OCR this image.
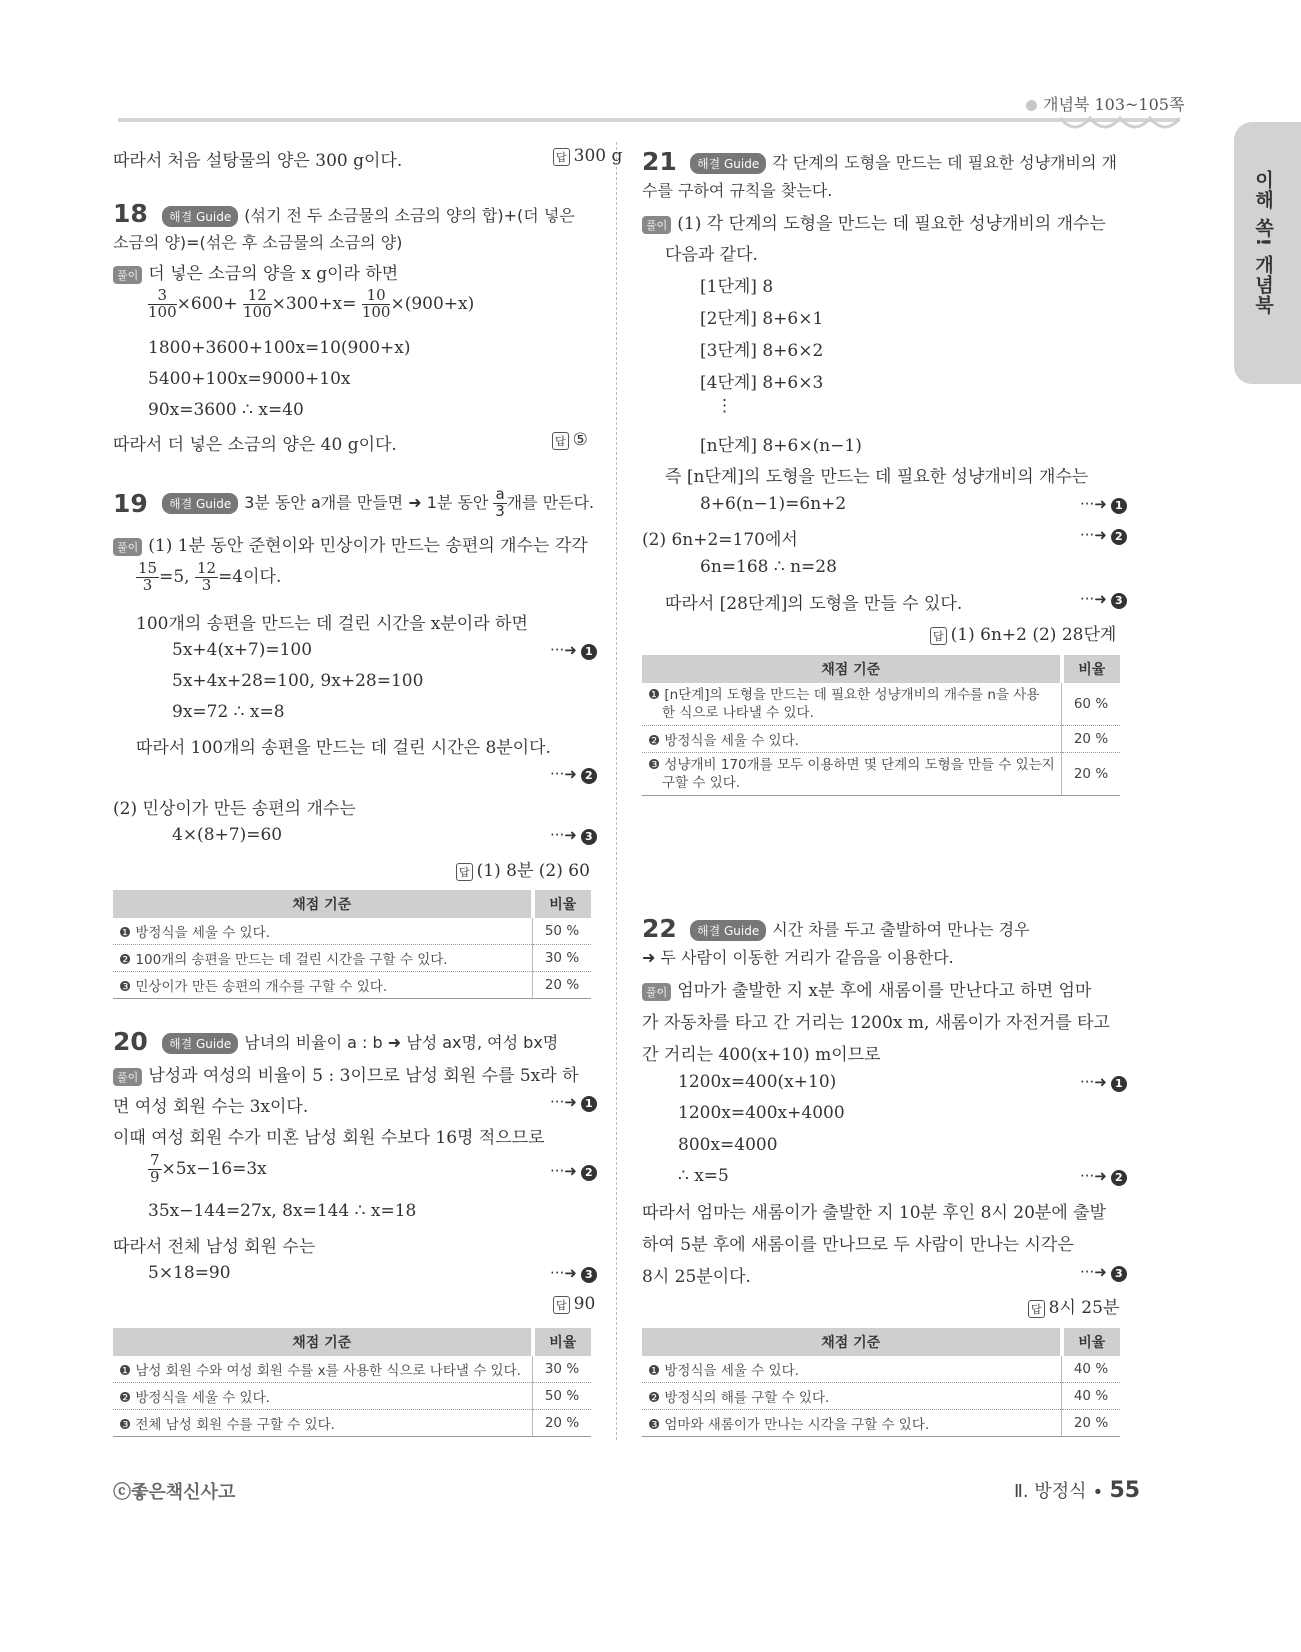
개념북 103~105쪽
이해 쏙! 개념북
따라서 처음 설탕물의 양은 300 g이다.	답 300 g
18	해결 Guide (섞기 전 두 소금물의 소금의 양의 합)+(더 넣은
소금의 양)=(섞은 후 소금물의 소금의 양)
풀이 더 넣은 소금의 양을 x g이라 하면
$\frac{3}{100} \times 600+ \frac{12}{100} \times 300+x= \frac{10}{100} \times(900+x)$
1800+3600+100x=10(900+x)
5400+100x=9000+10x
90x=3600 ∴ x=40
따라서 더 넣은 소금의 양은 40 g이다.	답 ⑤
19	해결 Guide 3분 동안 a개를 만들면 ➜ 1분 동안 $\frac{a}{3}$ 개를 만든다.
풀이 (1) 1분 동안 준현이와 민상이가 만드는 송편의 개수는 각각
$\frac{15}{3} =5$, $\frac{12}{3} =4$이다.
100개의 송편을 만드는 데 걸린 시간을 x분이라 하면
5x+4(x+7)=100	···➜ 1
5x+4x+28=100, 9x+28=100
9x=72 ∴ x=8
따라서 100개의 송편을 만드는 데 걸린 시간은 8분이다.
···➜ 2
(2) 민상이가 만든 송편의 개수는
4×(8+7)=60	···➜ 3
답 (1) 8분 (2) 60
채점 기준	비율
❶ 방정식을 세울 수 있다.	50 %
❷ 100개의 송편을 만드는 데 걸린 시간을 구할 수 있다.	30 %
❸ 민상이가 만든 송편의 개수를 구할 수 있다.	20 %
20	해결 Guide 남녀의 비율이 a : b ➜ 남성 ax명, 여성 bx명
풀이 남성과 여성의 비율이 5 : 3이므로 남성 회원 수를 5x라 하
면 여성 회원 수는 3x이다.	···➜ 1
이때 여성 회원 수가 미혼 남성 회원 수보다 16명 적으므로
$\frac{7}{9} \times 5x-16=3x$	···➜ 2
35x−144=27x, 8x=144 ∴ x=18
따라서 전체 남성 회원 수는
5×18=90	···➜ 3
답 90
채점 기준	비율
❶ 남성 회원 수와 여성 회원 수를 x를 사용한 식으로 나타낼 수 있다.	30 %
❷ 방정식을 세울 수 있다.	50 %
❸ 전체 남성 회원 수를 구할 수 있다.	20 %
21	해결 Guide 각 단계의 도형을 만드는 데 필요한 성냥개비의 개
수를 구하여 규칙을 찾는다.
풀이 (1) 각 단계의 도형을 만드는 데 필요한 성냥개비의 개수는
다음과 같다.
[1단계] 8
[2단계] 8+6×1
[3단계] 8+6×2
[4단계] 8+6×3
⋮
[n단계] 8+6×(n−1)
즉 [n단계]의 도형을 만드는 데 필요한 성냥개비의 개수는
8+6(n−1)=6n+2	···➜ 1
(2) 6n+2=170에서	···➜ 2
6n=168 ∴ n=28
따라서 [28단계]의 도형을 만들 수 있다.	···➜ 3
답 (1) 6n+2 (2) 28단계
채점 기준	비율
❶ [n단계]의 도형을 만드는 데 필요한 성냥개비의 개수를 n을 사용
한 식으로 나타낼 수 있다.	60 %
❷ 방정식을 세울 수 있다.	20 %
❸ 성냥개비 170개를 모두 이용하면 몇 단계의 도형을 만들 수 있는지
구할 수 있다.	20 %
22	해결 Guide 시간 차를 두고 출발하여 만나는 경우
➜ 두 사람이 이동한 거리가 같음을 이용한다.
풀이 엄마가 출발한 지 x분 후에 새롬이를 만난다고 하면 엄마
가 자동차를 타고 간 거리는 1200x m, 새롬이가 자전거를 타고
간 거리는 400(x+10) m이므로
1200x=400(x+10)	···➜ 1
1200x=400x+4000
800x=4000
∴ x=5	···➜ 2
따라서 엄마는 새롬이가 출발한 지 10분 후인 8시 20분에 출발
하여 5분 후에 새롬이를 만나므로 두 사람이 만나는 시각은
8시 25분이다.	···➜ 3
답 8시 25분
채점 기준	비율
❶ 방정식을 세울 수 있다.	40 %
❷ 방정식의 해를 구할 수 있다.	40 %
❸ 엄마와 새롬이가 만나는 시각을 구할 수 있다.	20 %
ⓒ좋은책신사고	Ⅱ. 방정식 ∙ 55
